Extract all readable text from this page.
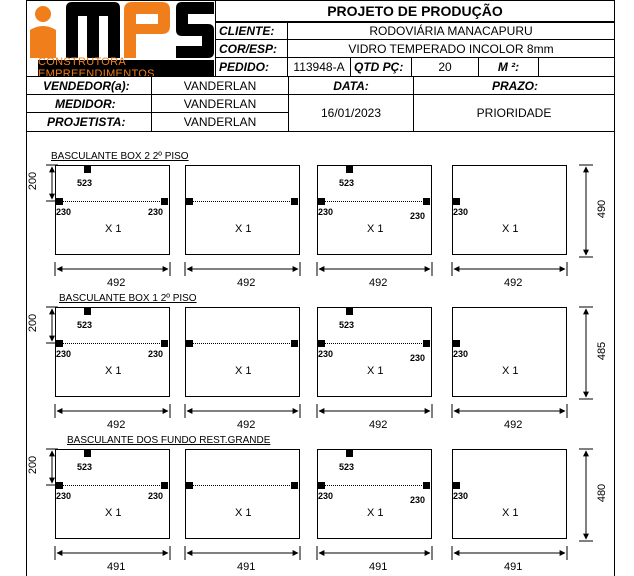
CONSTRUTORA EMPREENDIMENTOS
PROJETO DE PRODUÇÃO
CLIENTE:	RODOVIÁRIA MANACAPURU
COR/ESP:	VIDRO TEMPERADO INCOLOR 8mm
PEDIDO: 113948-A QTD PÇ:	20	M ²:
VENDEDOR(a):	VANDERLAN	DATA:	PRAZO:
MEDIDOR:	VANDERLAN
16/01/2023	PRIORIDADE
PROJETISTA:	VANDERLAN
BASCULANTE BOX 2 2º PISO
200	523
230	230
X 1
492
X 1
492
523
230	230
X 1
492
230
X 1
492
490
BASCULANTE BOX 1 2º PISO
200	523
230	230
X 1
492
X 1
492
523
230	230
X 1
492
230
X 1
492
485
BASCULANTE DOS FUNDO REST.GRANDE
200	523
230	230
X 1
491
X 1
491
523
230	230
X 1
491
230
X 1
491
480
